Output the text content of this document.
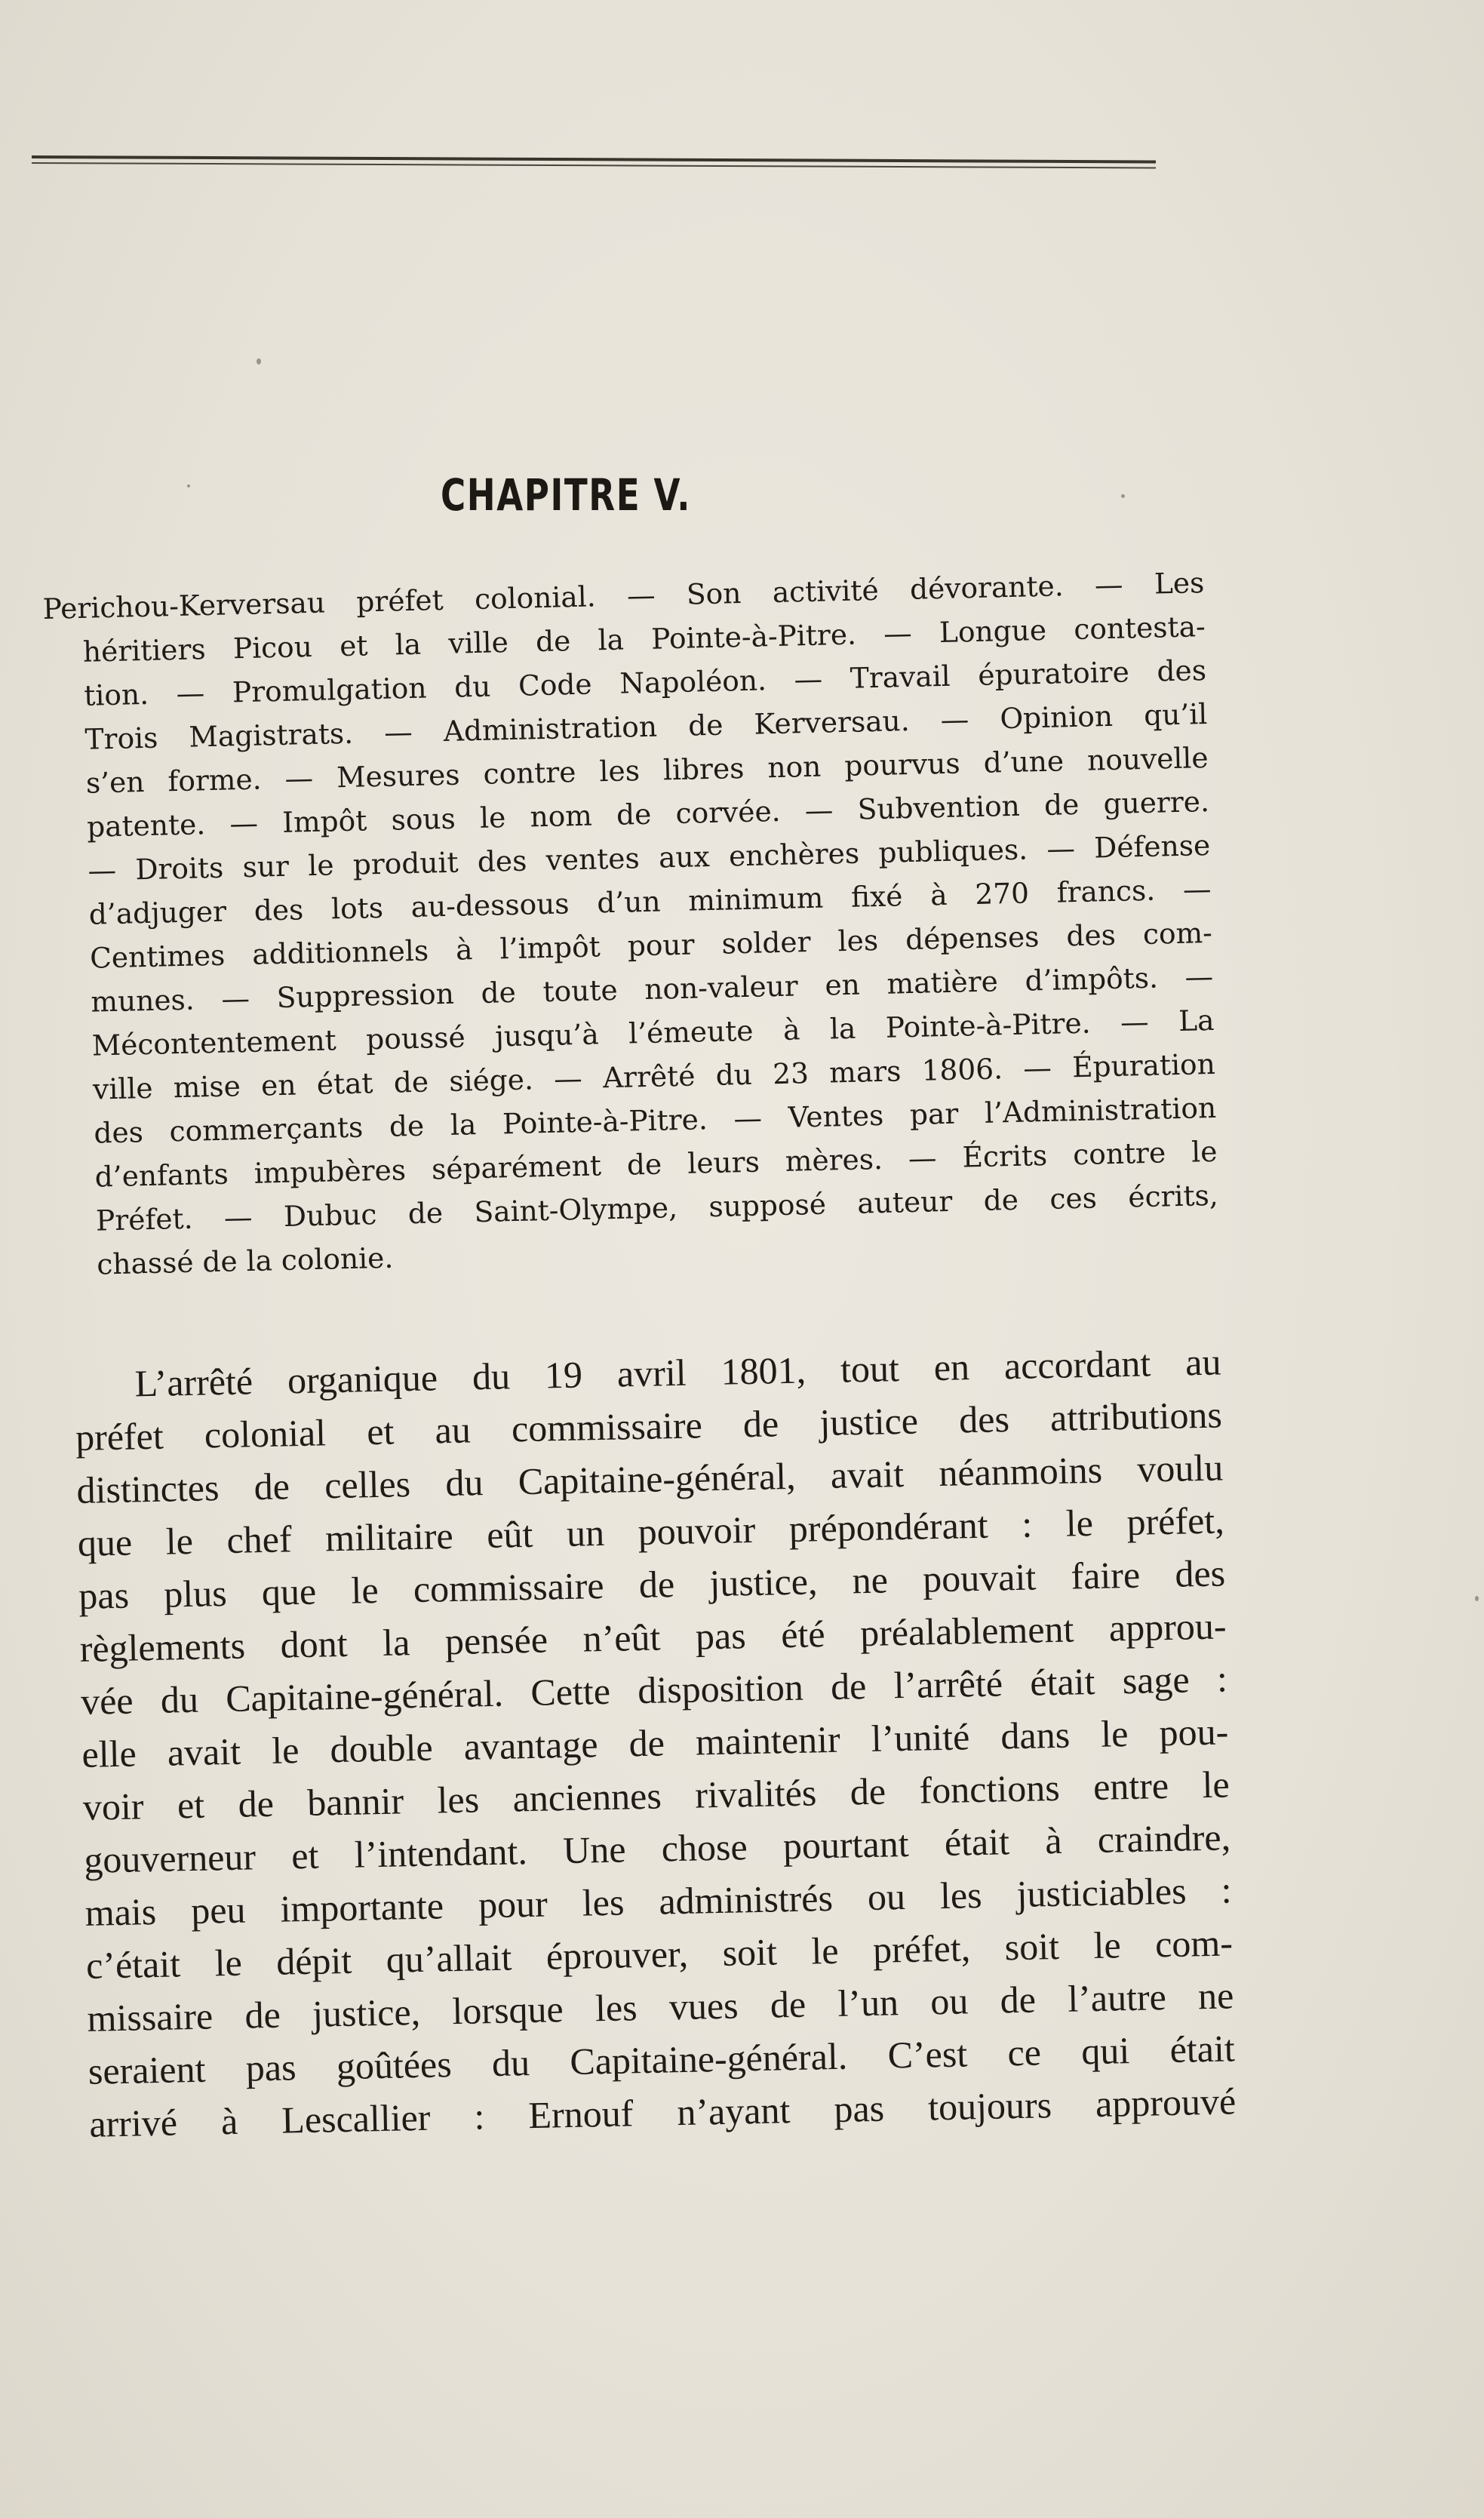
CHAPITRE V.
Perichou-Kerversau préfet colonial. — Son activité dévorante. — Les
héritiers Picou et la ville de la Pointe-à-Pitre. — Longue contesta-
tion. — Promulgation du Code Napoléon. — Travail épuratoire des
Trois Magistrats. — Administration de Kerversau. — Opinion qu’il
s’en forme. — Mesures contre les libres non pourvus d’une nouvelle
patente. — Impôt sous le nom de corvée. — Subvention de guerre.
— Droits sur le produit des ventes aux enchères publiques. — Défense
d’adjuger des lots au-dessous d’un minimum fixé à 270 francs. —
Centimes additionnels à l’impôt pour solder les dépenses des com-
munes. — Suppression de toute non-valeur en matière d’impôts. —
Mécontentement poussé jusqu’à l’émeute à la Pointe-à-Pitre. — La
ville mise en état de siége. — Arrêté du 23 mars 1806. — Épuration
des commerçants de la Pointe-à-Pitre. — Ventes par l’Administration
d’enfants impubères séparément de leurs mères. — Écrits contre le
Préfet. — Dubuc de Saint-Olympe, supposé auteur de ces écrits,
chassé de la colonie.
L’arrêté organique du 19 avril 1801, tout en accordant au
préfet colonial et au commissaire de justice des attributions
distinctes de celles du Capitaine-général, avait néanmoins voulu
que le chef militaire eût un pouvoir prépondérant : le préfet,
pas plus que le commissaire de justice, ne pouvait faire des
règlements dont la pensée n’eût pas été préalablement approu-
vée du Capitaine-général. Cette disposition de l’arrêté était sage :
elle avait le double avantage de maintenir l’unité dans le pou-
voir et de bannir les anciennes rivalités de fonctions entre le
gouverneur et l’intendant. Une chose pourtant était à craindre,
mais peu importante pour les administrés ou les justiciables :
c’était le dépit qu’allait éprouver, soit le préfet, soit le com-
missaire de justice, lorsque les vues de l’un ou de l’autre ne
seraient pas goûtées du Capitaine-général. C’est ce qui était
arrivé à Lescallier : Ernouf n’ayant pas toujours approuvé
